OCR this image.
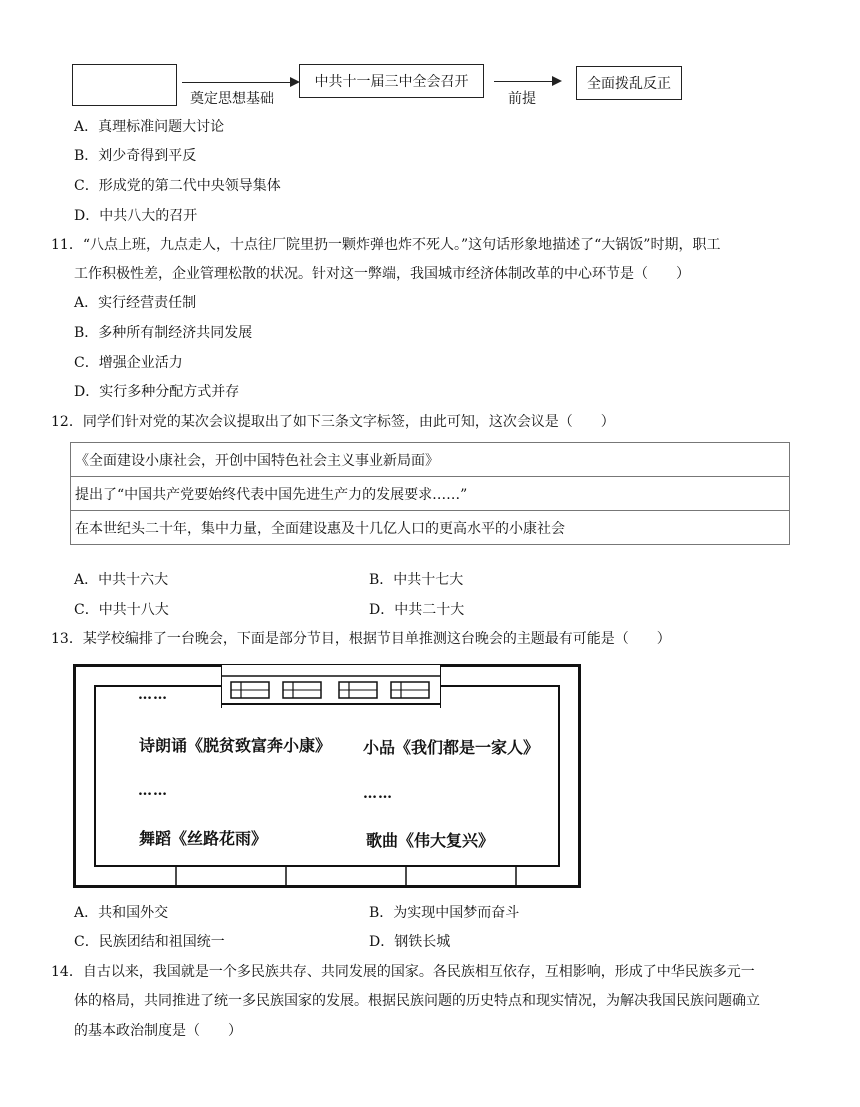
奠定思想基础
中共十一届三中全会召开
前提
全面拨乱反正
A．真理标准问题大讨论
B．刘少奇得到平反
C．形成党的第二代中央领导集体
D．中共八大的召开
11．“八点上班，九点走人，十点往厂院里扔一颗炸弹也炸不死人。”这句话形象地描述了“大锅饭”时期，职工
工作积极性差，企业管理松散的状况。针对这一弊端，我国城市经济体制改革的中心环节是（　　）
A．实行经营责任制
B．多种所有制经济共同发展
C．增强企业活力
D．实行多种分配方式并存
12．同学们针对党的某次会议提取出了如下三条文字标签，由此可知，这次会议是（　　）
《全面建设小康社会，开创中国特色社会主义事业新局面》
提出了“中国共产党要始终代表中国先进生产力的发展要求……”
在本世纪头二十年，集中力量，全面建设惠及十几亿人口的更高水平的小康社会
A．中共十六大	B．中共十七大
C．中共十八大	D．中共二十大
13．某学校编排了一台晚会，下面是部分节目，根据节目单推测这台晚会的主题最有可能是（　　）
……
诗朗诵《脱贫致富奔小康》 小品《我们都是一家人》
……	……
舞蹈《丝路花雨》	歌曲《伟大复兴》
A．共和国外交	B．为实现中国梦而奋斗
C．民族团结和祖国统一	D．钢铁长城
14．自古以来，我国就是一个多民族共存、共同发展的国家。各民族相互依存，互相影响，形成了中华民族多元一
体的格局，共同推进了统一多民族国家的发展。根据民族问题的历史特点和现实情况，为解决我国民族问题确立
的基本政治制度是（　　）
